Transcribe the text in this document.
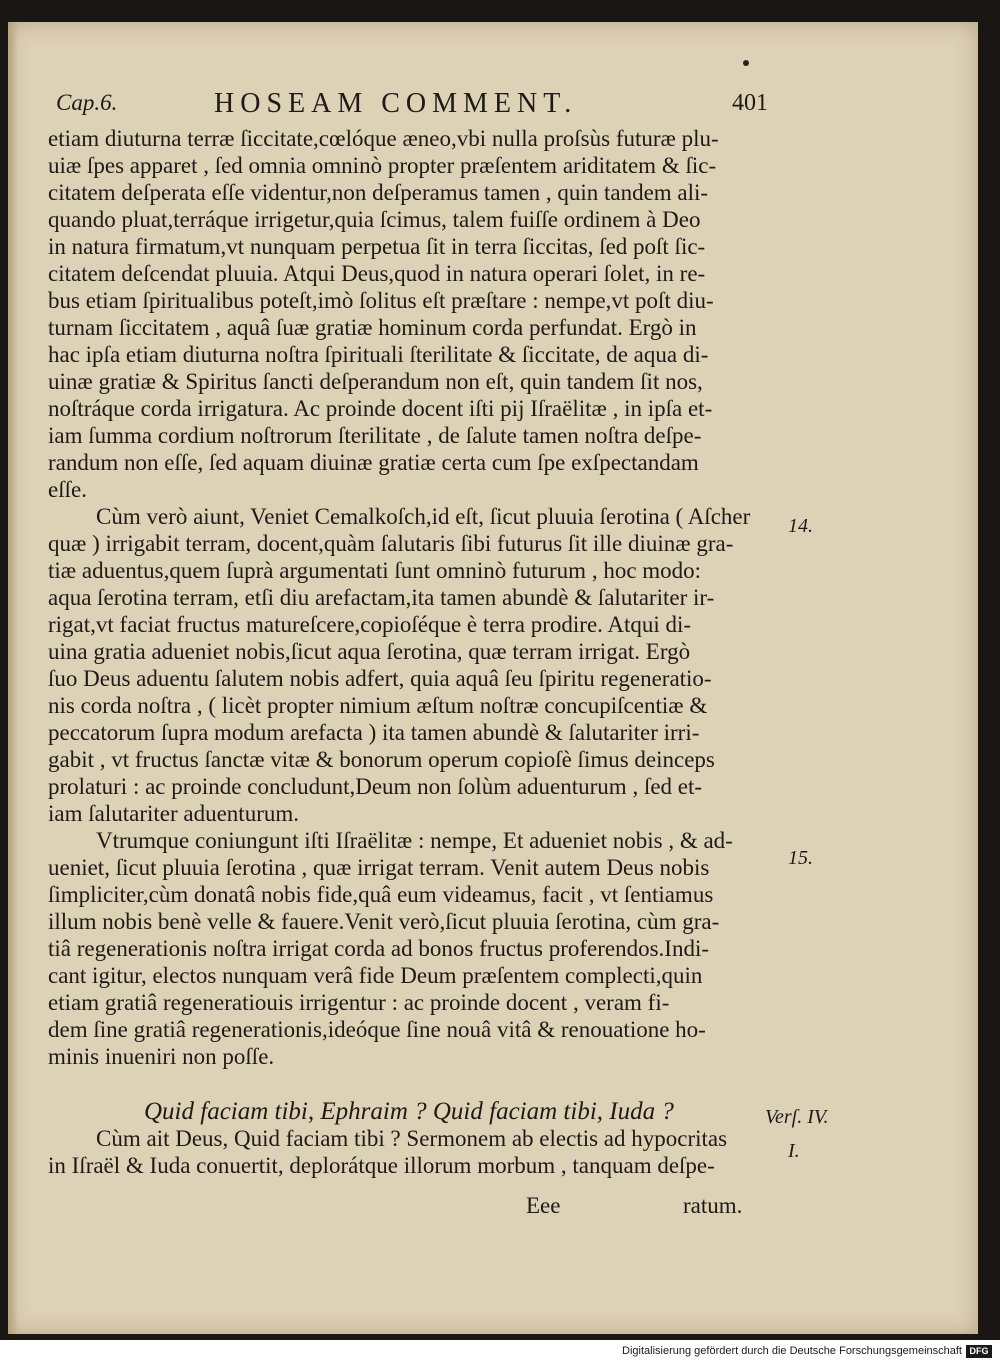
Cap.6.	HOSEAM COMMENT.	401

etiam diuturna terræ ſiccitate,cœlóque æneo,vbi nulla proſsùs futuræ plu-
uiæ ſpes apparet , ſed omnia omninò propter præſentem ariditatem & ſic-
citatem deſperata eſſe videntur,non deſperamus tamen , quin tandem ali-
quando pluat,terráque irrigetur,quia ſcimus, talem fuiſſe ordinem à Deo
in natura firmatum,vt nunquam perpetua ſit in terra ſiccitas, ſed poſt ſic-
citatem deſcendat pluuia. Atqui Deus,quod in natura operari ſolet, in re-
bus etiam ſpiritualibus poteſt,imò ſolitus eſt præſtare : nempe,vt poſt diu-
turnam ſiccitatem , aquâ ſuæ gratiæ hominum corda perfundat. Ergò in
hac ipſa etiam diuturna noſtra ſpirituali ſterilitate & ſiccitate, de aqua di-
uinæ gratiæ & Spiritus ſancti deſperandum non eſt, quin tandem ſit nos,
noſtráque corda irrigatura. Ac proinde docent iſti pij Iſraëlitæ , in ipſa et-
iam ſumma cordium noſtrorum ſterilitate , de ſalute tamen noſtra deſpe-
randum non eſſe, ſed aquam diuinæ gratiæ certa cum ſpe exſpectandam
eſſe.

Cùm verò aiunt, Veniet Cemalkoſch,id eſt, ſicut pluuia ſerotina ( Aſcher
quæ ) irrigabit terram, docent,quàm ſalutaris ſibi futurus ſit ille diuinæ gra-
tiæ aduentus,quem ſuprà argumentati ſunt omninò futurum , hoc modo:
aqua ſerotina terram, etſi diu arefactam,ita tamen abundè & ſalutariter ir-
rigat,vt faciat fructus matureſcere,copioſéque è terra prodire. Atqui di-
uina gratia adueniet nobis,ſicut aqua ſerotina, quæ terram irrigat. Ergò
ſuo Deus aduentu ſalutem nobis adfert, quia aquâ ſeu ſpiritu regeneratio-
nis corda noſtra , ( licèt propter nimium æſtum noſtræ concupiſcentiæ &
peccatorum ſupra modum arefacta ) ita tamen abundè & ſalutariter irri-
gabit , vt fructus ſanctæ vitæ & bonorum operum copioſè ſimus deinceps
prolaturi : ac proinde concludunt,Deum non ſolùm aduenturum , ſed et-
iam ſalutariter aduenturum.

Vtrumque coniungunt iſti Iſraëlitæ : nempe, Et adueniet nobis , & ad-
ueniet, ſicut pluuia ſerotina , quæ irrigat terram. Venit autem Deus nobis
ſimpliciter,cùm donatâ nobis fide,quâ eum videamus, facit , vt ſentiamus
illum nobis benè velle & fauere.Venit verò,ſicut pluuia ſerotina, cùm gra-
tiâ regenerationis noſtra irrigat corda ad bonos fructus proferendos.Indi-
cant igitur, electos nunquam verâ fide Deum præſentem complecti,quin
etiam gratiâ regeneratiouis irrigentur : ac proinde docent , veram fi-
dem ſine gratiâ regenerationis,ideóque ſine nouâ vitâ & renouatione ho-
minis inueniri non poſſe.

Quid faciam tibi, Ephraim ? Quid faciam tibi, Iuda ?

Cùm ait Deus, Quid faciam tibi ? Sermonem ab electis ad hypocritas
in Iſraël & Iuda conuertit, deplorátque illorum morbum , tanquam deſpe-

Eee	ratum.
14.
15.
Verſ. IV.
I.
Digitalisierung gefördert durch die Deutsche Forschungsgemeinschaft DFG
